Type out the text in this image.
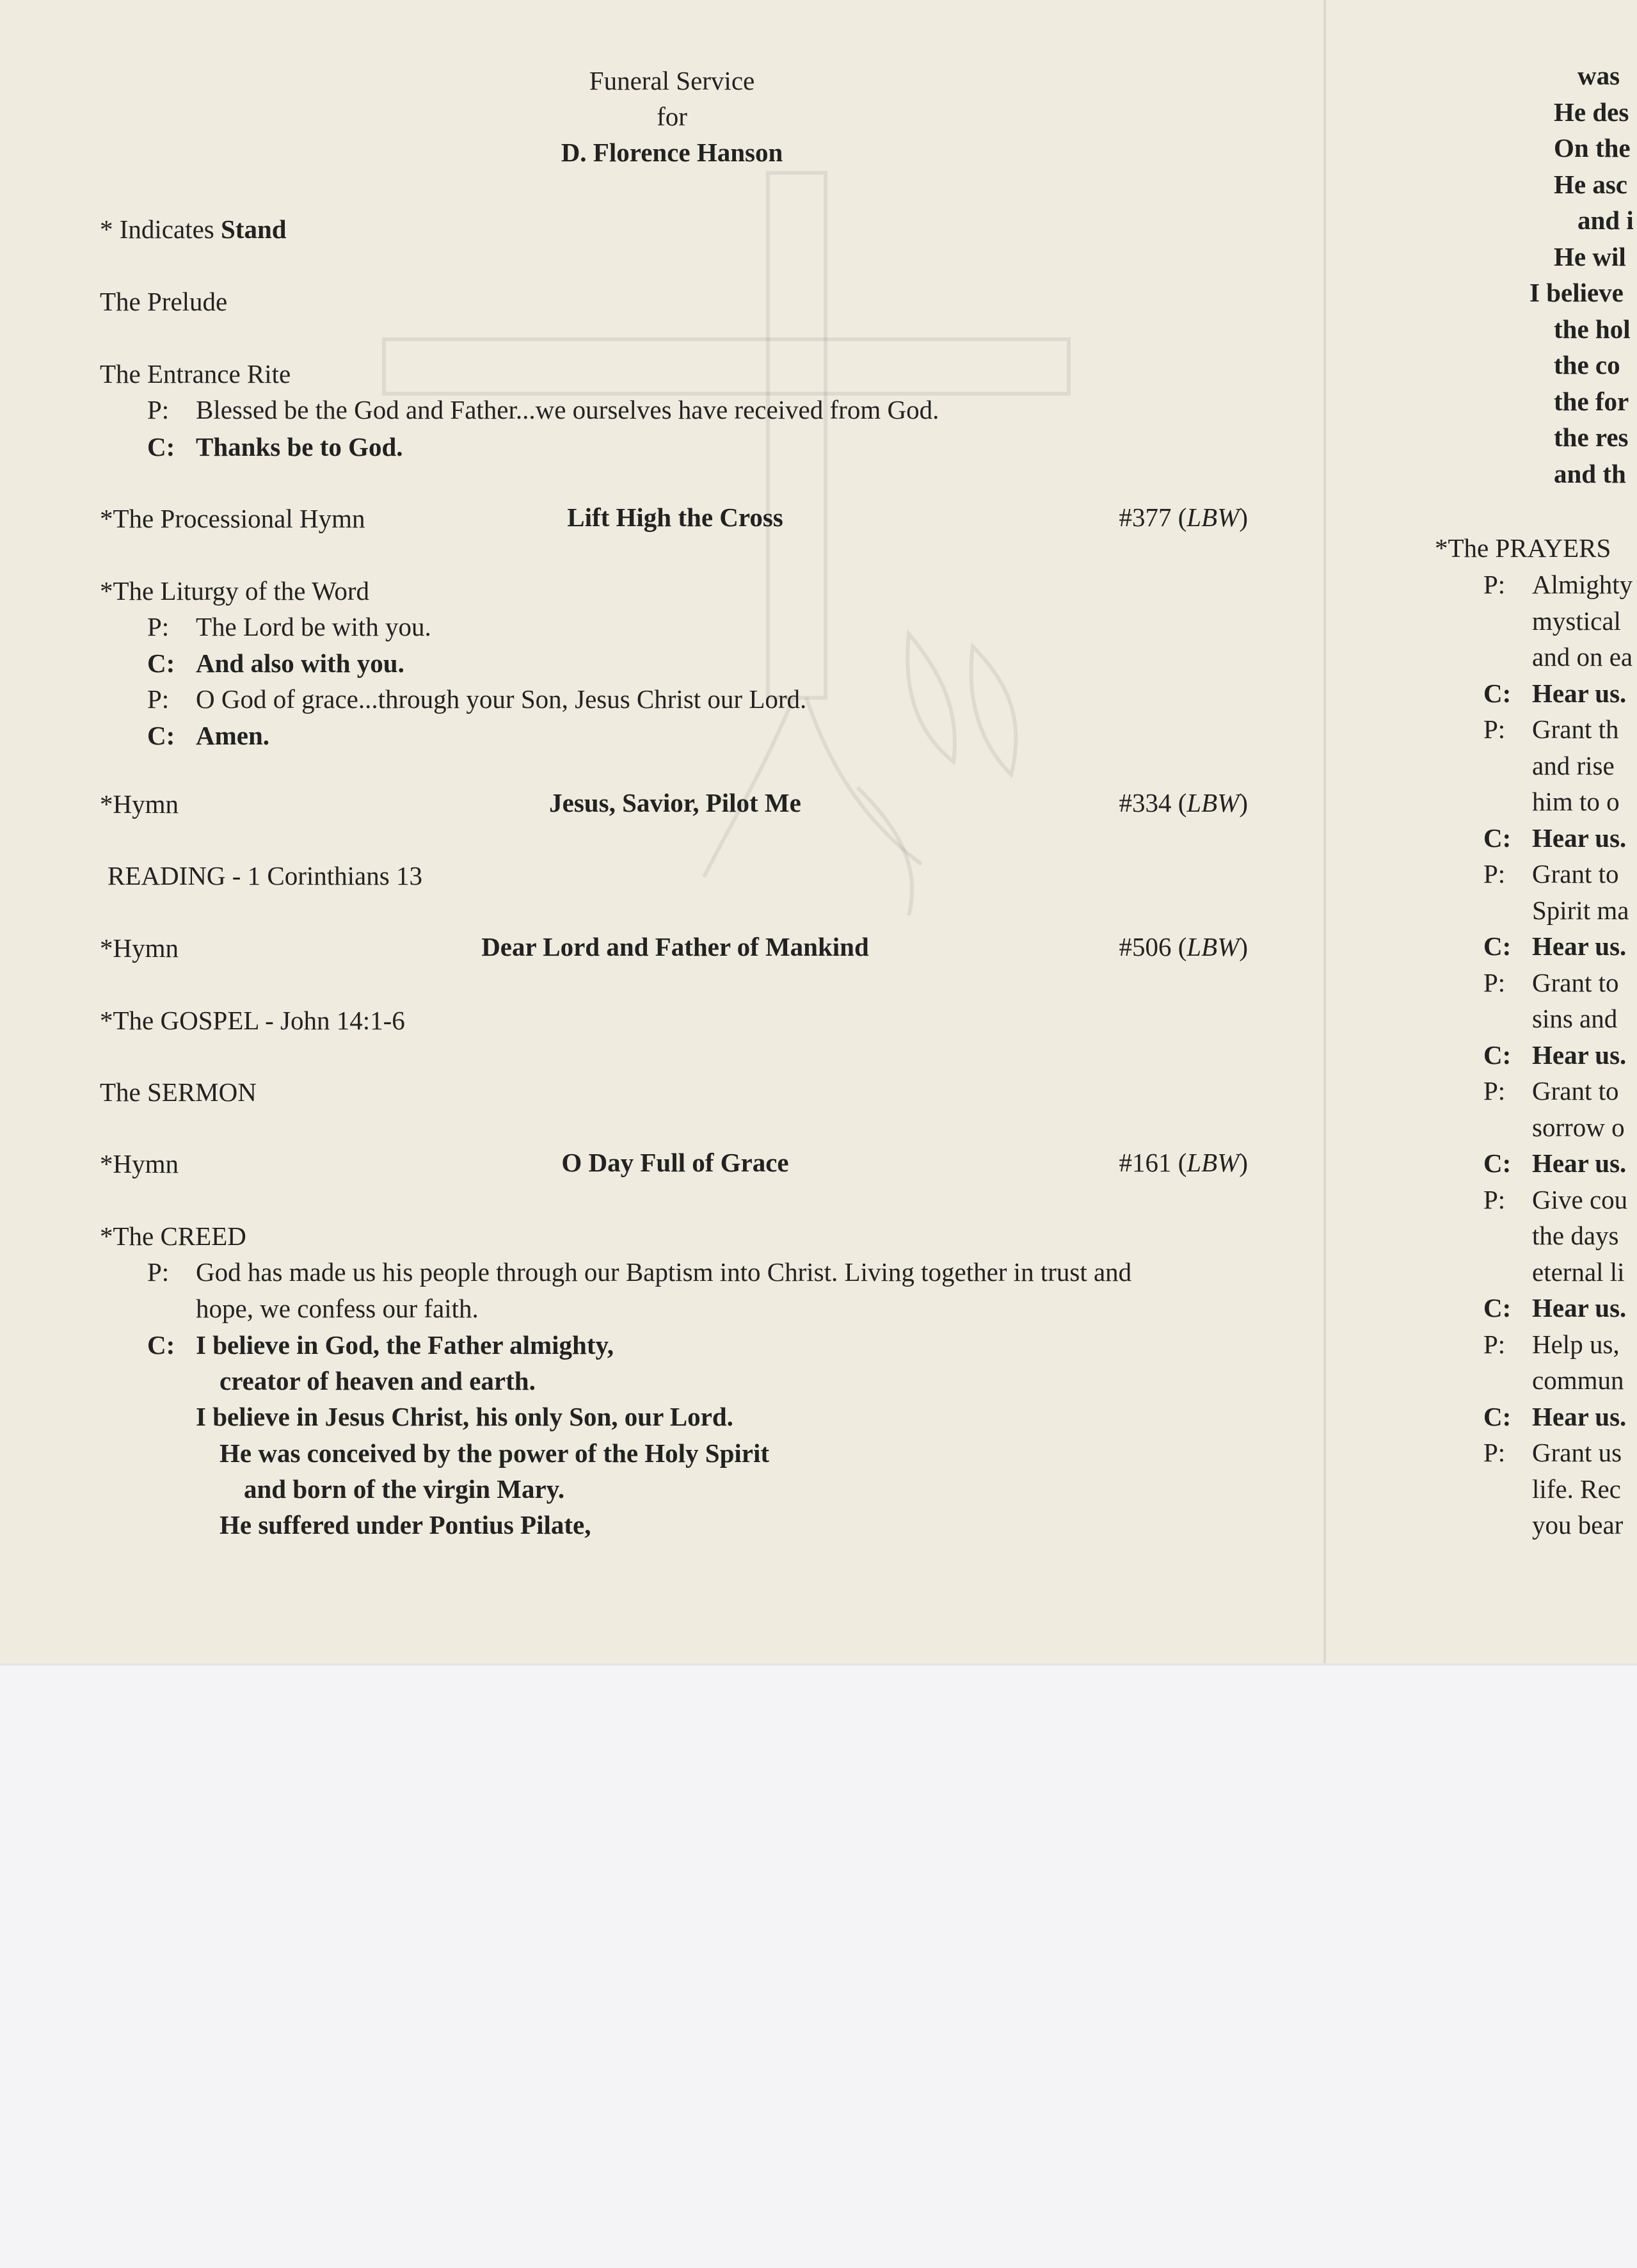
Funeral Service
for
D. Florence Hanson
* Indicates Stand
The Prelude
The Entrance Rite
P: Blessed be the God and Father...we ourselves have received from God.
C: Thanks be to God.
*The Processional Hymn	Lift High the Cross	#377 (LBW)
*The Liturgy of the Word
P: The Lord be with you.
C: And also with you.
P: O God of grace...through your Son, Jesus Christ our Lord.
C: Amen.
*Hymn	Jesus, Savior, Pilot Me	#334 (LBW)
READING - 1 Corinthians 13
*Hymn	Dear Lord and Father of Mankind	#506 (LBW)
*The GOSPEL - John 14:1-6
The SERMON
*Hymn	O Day Full of Grace	#161 (LBW)
*The CREED
P: God has made us his people through our Baptism into Christ. Living together in trust and
hope, we confess our faith.
C: I believe in God, the Father almighty,
creator of heaven and earth.
I believe in Jesus Christ, his only Son, our Lord.
He was conceived by the power of the Holy Spirit
and born of the virgin Mary.
He suffered under Pontius Pilate,
was
He des
On the
He asc
and i
He wil
I believe
the hol
the co
the for
the res
and th
*The PRAYERS
P: Almighty
mystical
and on ea
C: Hear us.
P: Grant th
and rise
him to o
C: Hear us.
P: Grant to
Spirit ma
C: Hear us.
P: Grant to
sins and
C: Hear us.
P: Grant to
sorrow o
C: Hear us.
P: Give cou
the days
eternal li
C: Hear us.
P: Help us,
commun
C: Hear us.
P: Grant us
life. Rec
you bear
